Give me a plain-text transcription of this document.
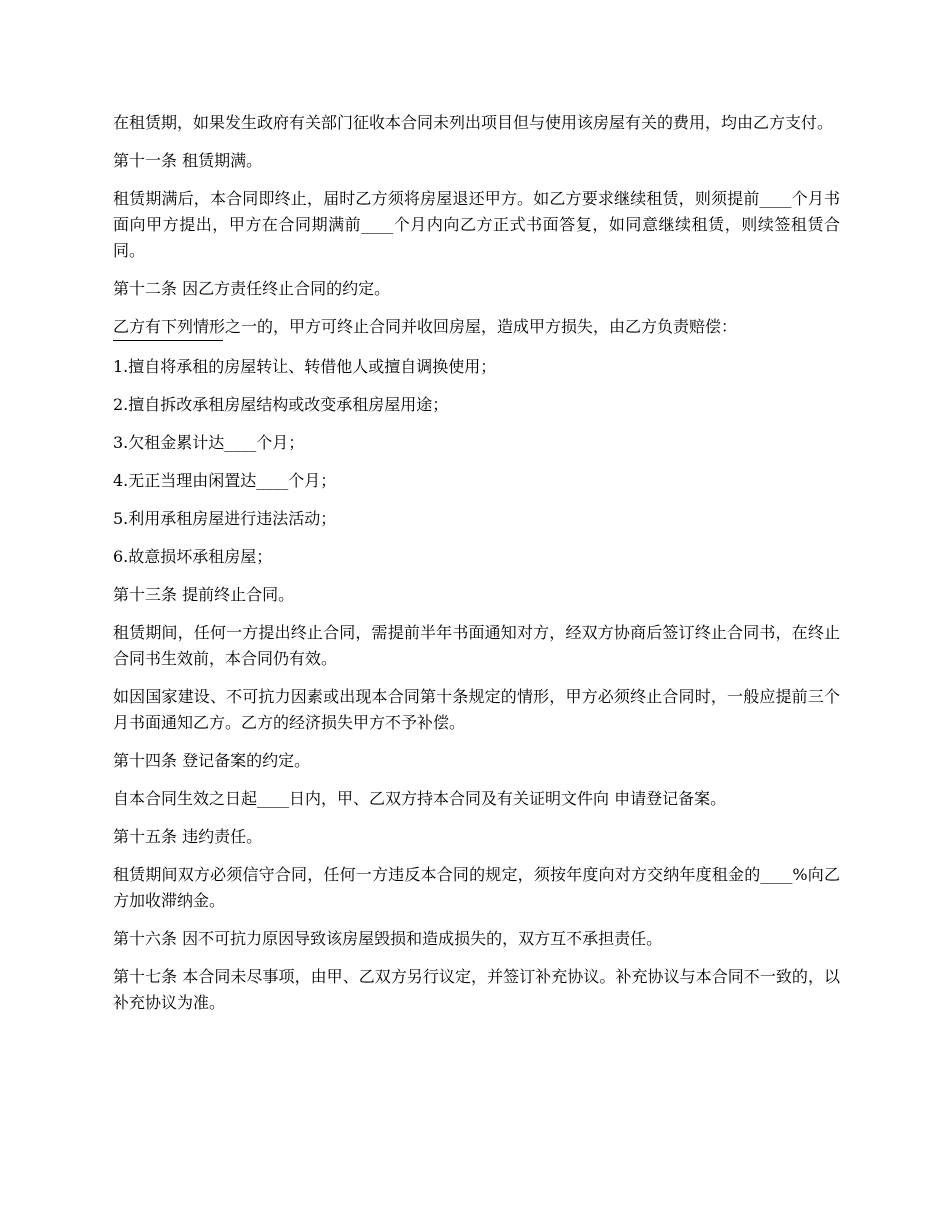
在租赁期，如果发生政府有关部门征收本合同未列出项目但与使用该房屋有关的费用，均由乙方支付。

第十一条 租赁期满。

租赁期满后，本合同即终止，届时乙方须将房屋退还甲方。如乙方要求继续租赁，则须提前____个月书面向甲方提出，甲方在合同期满前____个月内向乙方正式书面答复，如同意继续租赁，则续签租赁合同。

第十二条 因乙方责任终止合同的约定。

乙方有下列情形之一的，甲方可终止合同并收回房屋，造成甲方损失，由乙方负责赔偿：

1.擅自将承租的房屋转让、转借他人或擅自调换使用；

2.擅自拆改承租房屋结构或改变承租房屋用途；

3.欠租金累计达____个月；

4.无正当理由闲置达____个月；

5.利用承租房屋进行违法活动；

6.故意损坏承租房屋；

第十三条 提前终止合同。

租赁期间，任何一方提出终止合同，需提前半年书面通知对方，经双方协商后签订终止合同书，在终止合同书生效前，本合同仍有效。

如因国家建设、不可抗力因素或出现本合同第十条规定的情形，甲方必须终止合同时，一般应提前三个月书面通知乙方。乙方的经济损失甲方不予补偿。

第十四条 登记备案的约定。

自本合同生效之日起____日内，甲、乙双方持本合同及有关证明文件向 申请登记备案。

第十五条 违约责任。

租赁期间双方必须信守合同，任何一方违反本合同的规定，须按年度向对方交纳年度租金的____%向乙方加收滞纳金。

第十六条 因不可抗力原因导致该房屋毁损和造成损失的，双方互不承担责任。

第十七条 本合同未尽事项，由甲、乙双方另行议定，并签订补充协议。补充协议与本合同不一致的，以补充协议为准。
